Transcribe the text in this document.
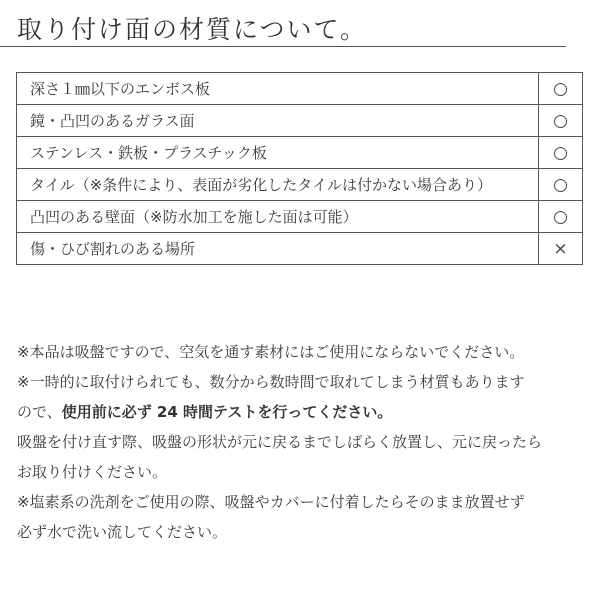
取り付け面の材質について。
深さ１㎜以下のエンボス板	○
鏡・凸凹のあるガラス面	○
ステンレス・鉄板・プラスチック板	○
タイル（※条件により、表面が劣化したタイルは付かない場合あり）	○
凸凹のある壁面（※防水加工を施した面は可能）	○
傷・ひび割れのある場所	×
※本品は吸盤ですので、空気を通す素材にはご使用にならないでください。
※一時的に取付けられても、数分から数時間で取れてしまう材質もあります
ので、使用前に必ず 24 時間テストを行ってください。
吸盤を付け直す際、吸盤の形状が元に戻るまでしばらく放置し、元に戻ったら
お取り付けください。
※塩素系の洗剤をご使用の際、吸盤やカバーに付着したらそのまま放置せず
必ず水で洗い流してください。
